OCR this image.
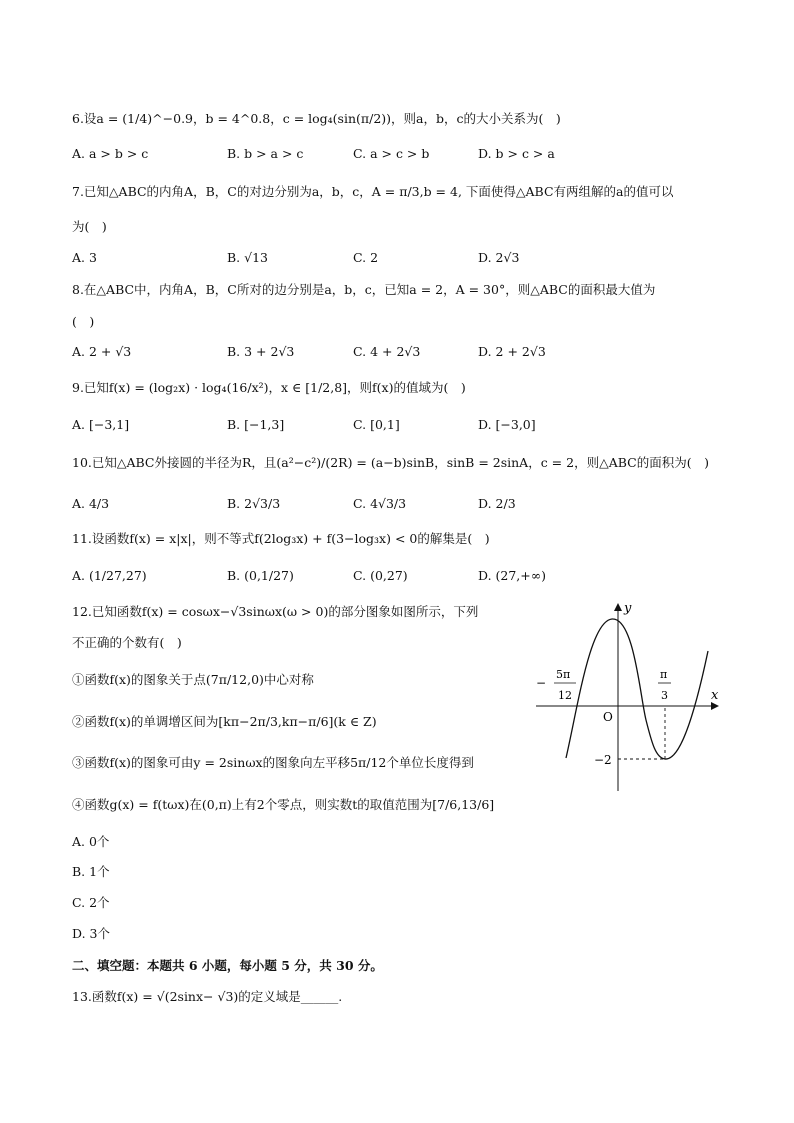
6.设a = (1/4)^−0.9，b = 4^0.8，c = log₄(sin(π/2))，则a，b，c的大小关系为(　)
A. a > b > c	B. b > a > c	C. a > c > b	D. b > c > a
7.已知△ABC的内角A，B，C的对边分别为a，b，c，A = π/3,b = 4, 下面使得△ABC有两组解的a的值可以
为(　)
A. 3	B. √13	C. 2	D. 2√3
8.在△ABC中，内角A，B，C所对的边分别是a，b，c，已知a = 2，A = 30°，则△ABC的面积最大值为
(　)
A. 2 + √3	B. 3 + 2√3	C. 4 + 2√3	D. 2 + 2√3
9.已知f(x) = (log₂x) · log₄(16/x²)，x ∈ [1/2,8]，则f(x)的值域为(　)
A. [−3,1]	B. [−1,3]	C. [0,1]	D. [−3,0]
10.已知△ABC外接圆的半径为R，且(a²−c²)/(2R) = (a−b)sinB，sinB = 2sinA，c = 2，则△ABC的面积为(　)
A. 4/3	B. 2√3/3	C. 4√3/3	D. 2/3
11.设函数f(x) = x|x|，则不等式f(2log₃x) + f(3−log₃x) < 0的解集是(　)
A. (1/27,27)	B. (0,1/27)	C. (0,27)	D. (27,+∞)
12.已知函数f(x) = cosωx−√3sinωx(ω > 0)的部分图象如图所示，下列
不正确的个数有(　)
①函数f(x)的图象关于点(7π/12,0)中心对称
②函数f(x)的单调增区间为[kπ−2π/3,kπ−π/6](k ∈ Z)
③函数f(x)的图象可由y = 2sinωx的图象向左平移5π/12个单位长度得到
④函数g(x) = f(tωx)在(0,π)上有2个零点，则实数t的取值范围为[7/6,13/6]
A. 0个
B. 1个
C. 2个
D. 3个
y
x
O
−
5π
12
π
3
−2
二、填空题：本题共 6 小题，每小题 5 分，共 30 分。
13.函数f(x) = √(2sinx− √3)的定义域是______.
